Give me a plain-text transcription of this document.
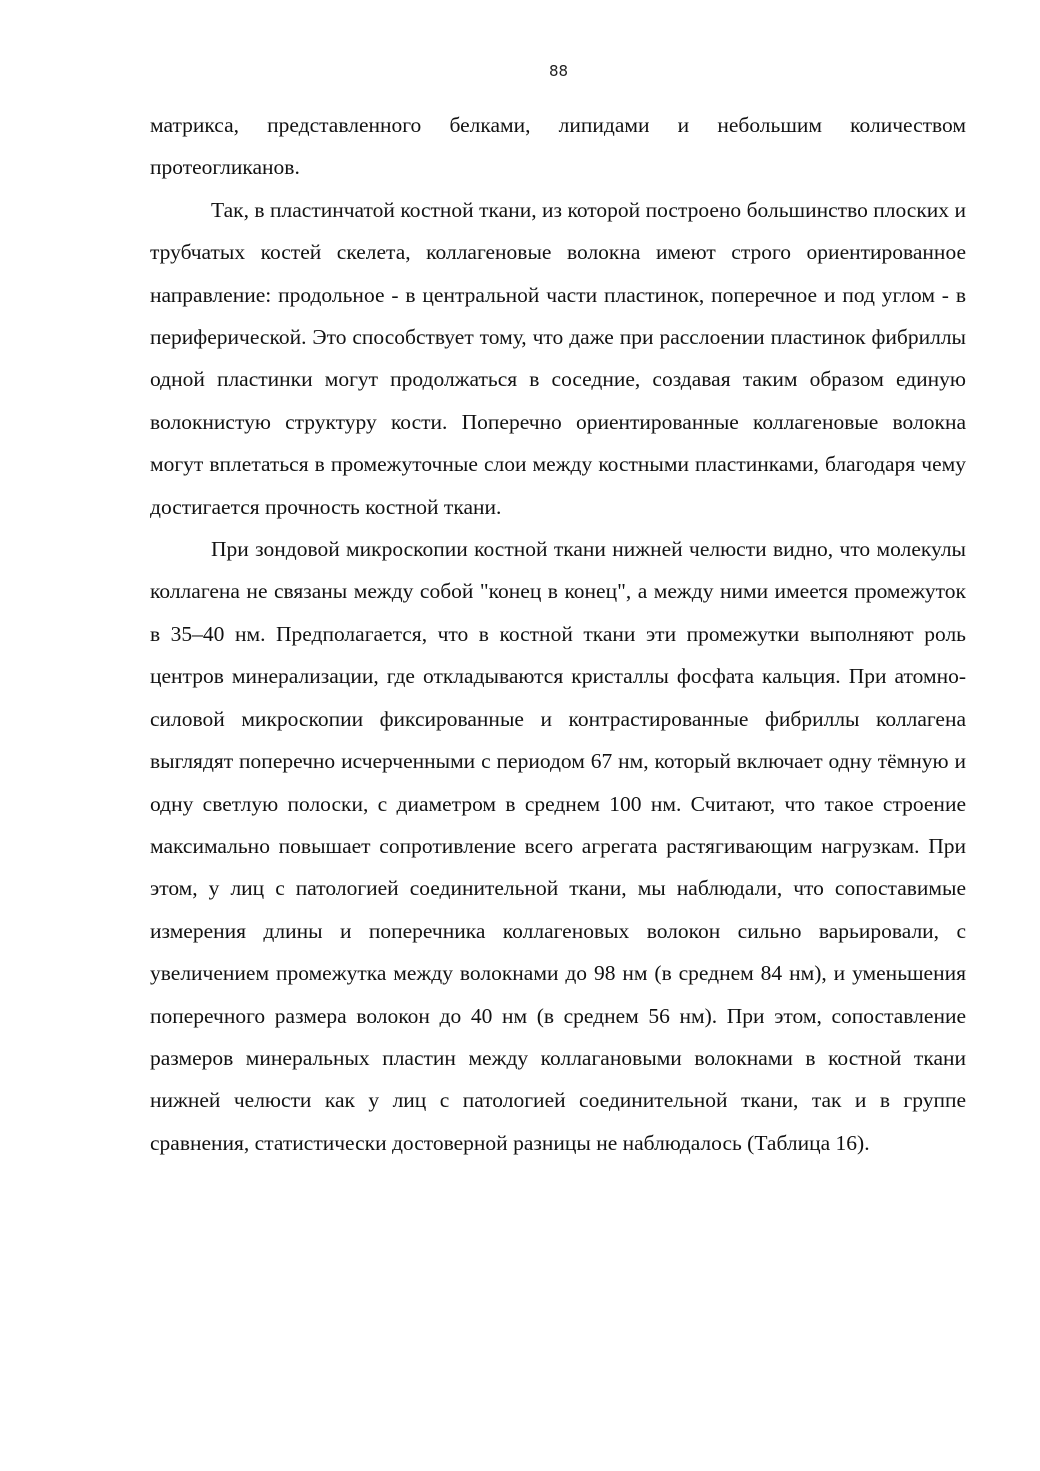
88

матрикса, представленного белками, липидами и небольшим количеством протеогликанов.

Так, в пластинчатой костной ткани, из которой построено большинство плоских и трубчатых костей скелета, коллагеновые волокна имеют строго ориентированное направление: продольное - в центральной части пластинок, поперечное и под углом - в периферической. Это способствует тому, что даже при расслоении пластинок фибриллы одной пластинки могут продолжаться в соседние, создавая таким образом единую волокнистую структуру кости. Поперечно ориентированные коллагеновые волокна могут вплетаться в промежуточные слои между костными пластинками, благодаря чему достигается прочность костной ткани.

При зондовой микроскопии костной ткани нижней челюсти видно, что молекулы коллагена не связаны между собой "конец в конец", а между ними имеется промежуток в 35–40 нм. Предполагается, что в костной ткани эти промежутки выполняют роль центров минерализации, где откладываются кристаллы фосфата кальция. При атомно-силовой микроскопии фиксированные и контрастированные фибриллы коллагена выглядят поперечно исчерченными с периодом 67 нм, который включает одну тёмную и одну светлую полоски, с диаметром в среднем 100 нм. Считают, что такое строение максимально повышает сопротивление всего агрегата растягивающим нагрузкам. При этом, у лиц с патологией соединительной ткани, мы наблюдали, что сопоставимые измерения длины и поперечника коллагеновых волокон сильно варьировали, с увеличением промежутка между волокнами до 98 нм (в среднем 84 нм), и уменьшения поперечного размера волокон до 40 нм (в среднем 56 нм). При этом, сопоставление размеров минеральных пластин между коллагановыми волокнами в костной ткани нижней челюсти как у лиц с патологией соединительной ткани, так и в группе сравнения, статистически достоверной разницы не наблюдалось (Таблица 16).
